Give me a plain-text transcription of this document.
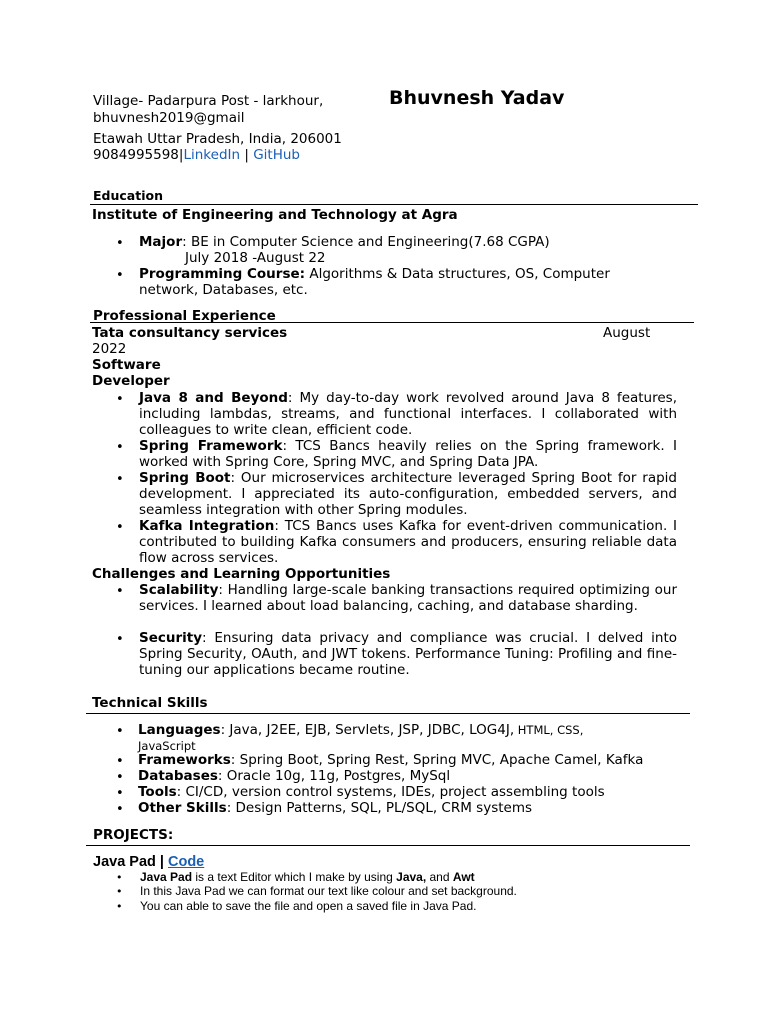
Village- Padarpura Post - larkhour,
bhuvnesh2019@gmail
Etawah Uttar Pradesh, India, 206001
9084995598|LinkedIn | GitHub
Bhuvnesh Yadav
Education
Institute of Engineering and Technology at Agra
• Major: BE in Computer Science and Engineering(7.68 CGPA)
July 2018 -August 22
• Programming Course: Algorithms & Data structures, OS, Computer network, Databases, etc.
Professional Experience
Tata consultancy services	August
2022
Software
Developer
• Java 8 and Beyond: My day-to-day work revolved around Java 8 features, including lambdas, streams, and functional interfaces. I collaborated with colleagues to write clean, efficient code.
• Spring Framework: TCS Bancs heavily relies on the Spring framework. I worked with Spring Core, Spring MVC, and Spring Data JPA.
• Spring Boot: Our microservices architecture leveraged Spring Boot for rapid development. I appreciated its auto-configuration, embedded servers, and seamless integration with other Spring modules.
• Kafka Integration: TCS Bancs uses Kafka for event-driven communication. I contributed to building Kafka consumers and producers, ensuring reliable data flow across services.
Challenges and Learning Opportunities
• Scalability: Handling large-scale banking transactions required optimizing our services. I learned about load balancing, caching, and database sharding.
• Security: Ensuring data privacy and compliance was crucial. I delved into Spring Security, OAuth, and JWT tokens. Performance Tuning: Profiling and fine-tuning our applications became routine.
Technical Skills
• Languages: Java, J2EE, EJB, Servlets, JSP, JDBC, LOG4J, HTML, CSS,
JavaScript
• Frameworks: Spring Boot, Spring Rest, Spring MVC, Apache Camel, Kafka
• Databases: Oracle 10g, 11g, Postgres, MySql
• Tools: CI/CD, version control systems, IDEs, project assembling tools
• Other Skills: Design Patterns, SQL, PL/SQL, CRM systems
PROJECTS:
Java Pad | Code
• Java Pad is a text Editor which I make by using Java, and Awt
• In this Java Pad we can format our text like colour and set background.
• You can able to save the file and open a saved file in Java Pad.
